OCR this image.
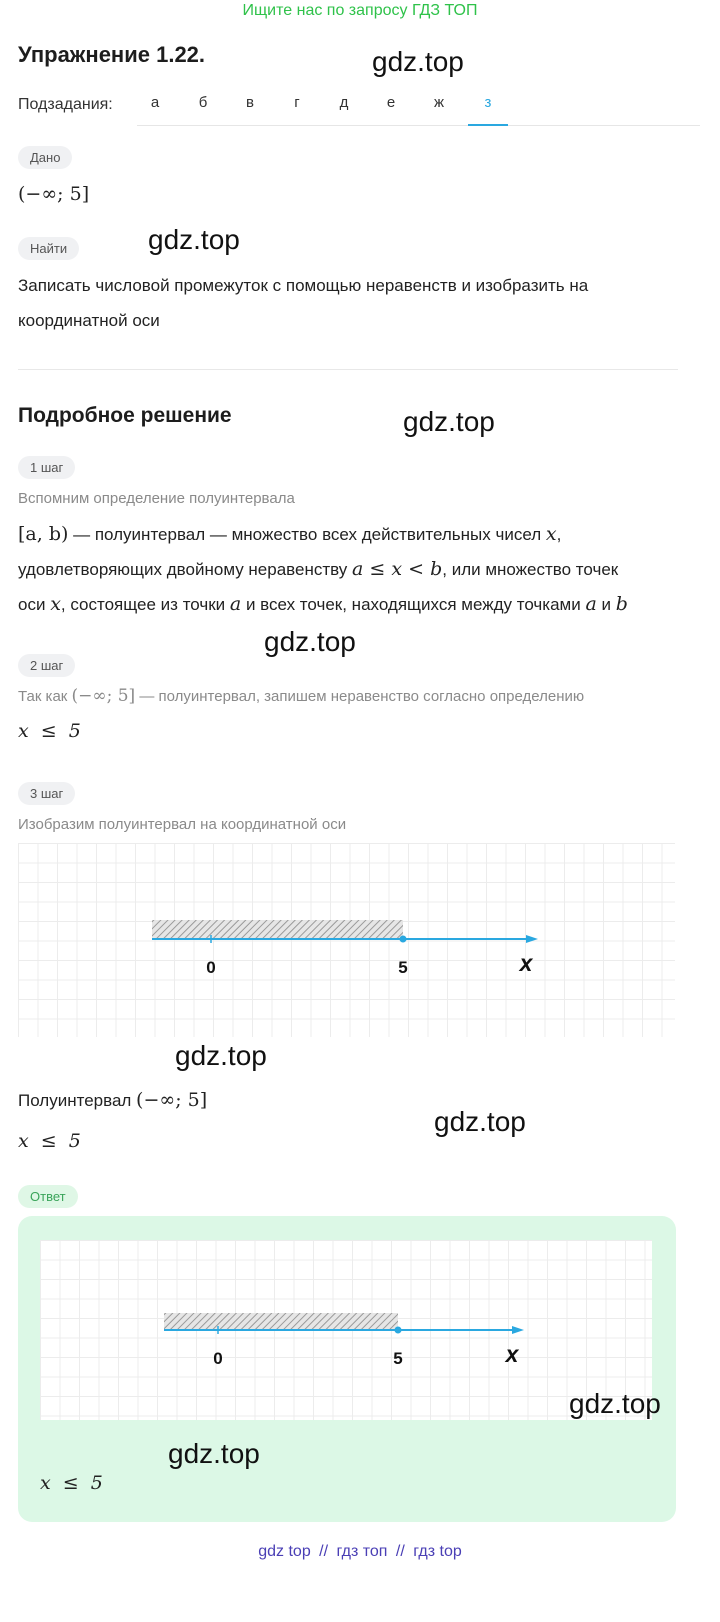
Ищите нас по запросу ГДЗ ТОП
Упражнение 1.22.	gdz.top
Подзадания:	а	б	в	г	д	е	ж	з
Дано
(−∞; 5]
Найти	gdz.top
Записать числовой промежуток с помощью неравенств и изобразить на
координатной оси
Подробное решение	gdz.top
1 шаг
Вспомним определение полуинтервала
[a, b) — полуинтервал — множество всех действительных чисел x,
удовлетворяющих двойному неравенству a ≤ x < b, или множество точек
оси x, состоящее из точки a и всех точек, находящихся между точками a и b
gdz.top
2 шаг
Так как (−∞; 5] — полуинтервал, запишем неравенство согласно определению
x  ≤  5
3 шаг
Изобразим полуинтервал на координатной оси
0	5	x
gdz.top
Полуинтервал (−∞; 5]
gdz.top
x  ≤  5
Ответ
0	5	x
x  ≤  5
gdz.top
gdz.top
gdz top // гдз топ // гдз top
